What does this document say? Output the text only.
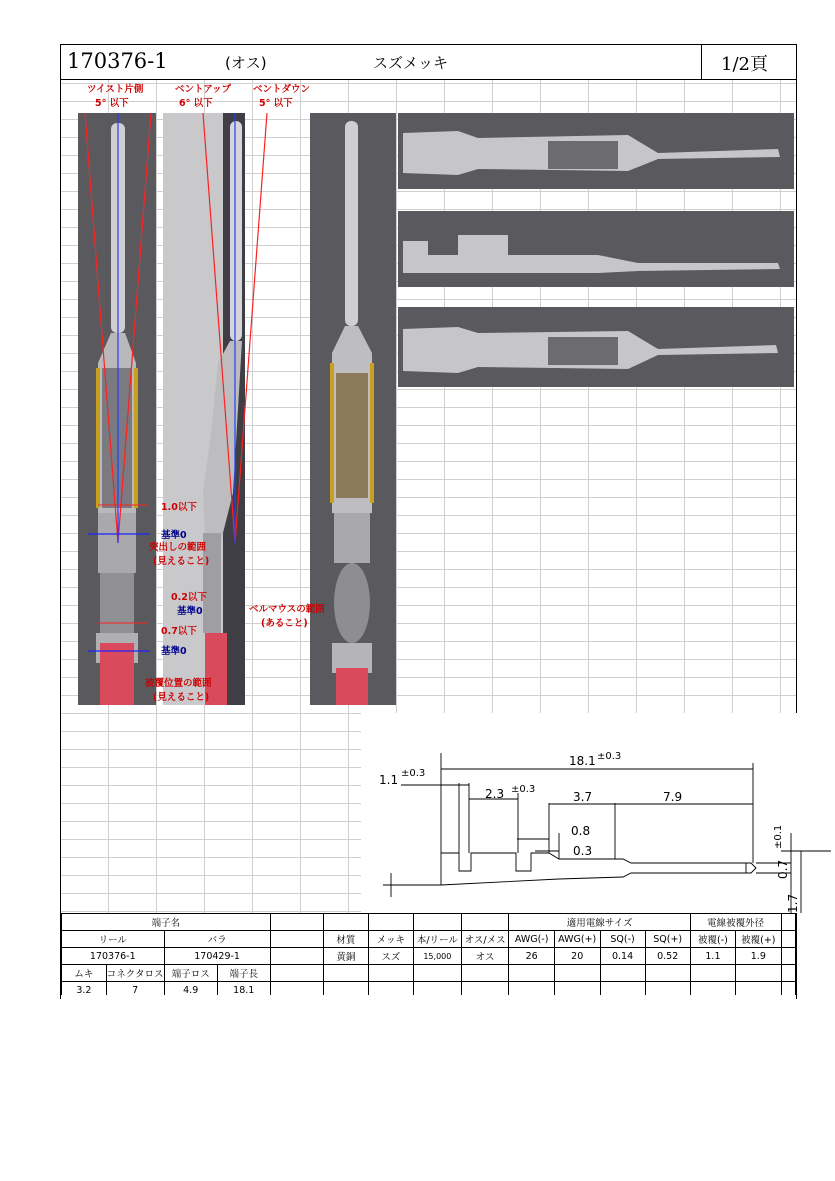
170376-1	(オス)	スズメッキ	1/2頁
ツイスト片側
5° 以下
ベントアップ
6° 以下
ベントダウン
5° 以下
1.0以下
基準0
突出しの範囲
(見えること)
0.2以下
基準0	ベルマウスの範囲
(あること)
0.7以下
基準0
被覆位置の範囲
(見えること)
18.1 ±0.3
1.1 ±0.3
2.3 ±0.3
3.7	7.9
0.8
0.3
0.7
±0.1
1.7
端子名									適用電線サイズ				電線被覆外径		
リール		バラ			材質	メッキ	本/リール	オス/メス	AWG(-)	AWG(+)	SQ(-)	SQ(+)	被覆(-)	被覆(+)	
170376-1		170429-1			黄銅	スズ	15,000	オス	26	20	0.14	0.52	1.1	1.9	
ムキ	コネクタロス	端子ロス	端子長												
3.2	7	4.9	18.1												
